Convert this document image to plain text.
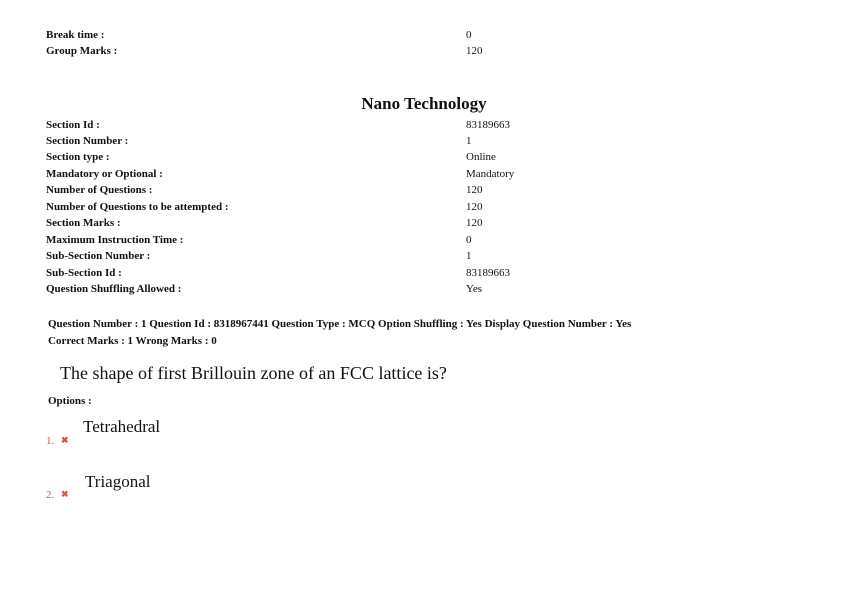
Break time :	0
Group Marks :	120
Nano Technology
Section Id :	83189663
Section Number :	1
Section type :	Online
Mandatory or Optional :	Mandatory
Number of Questions :	120
Number of Questions to be attempted :	120
Section Marks :	120
Maximum Instruction Time :	0
Sub-Section Number :	1
Sub-Section Id :	83189663
Question Shuffling Allowed :	Yes
Question Number : 1 Question Id : 8318967441 Question Type : MCQ Option Shuffling : Yes Display Question Number : Yes
Correct Marks : 1 Wrong Marks : 0
The shape of first Brillouin zone of an FCC lattice is?
Options :
1. ✖
Tetrahedral
2. ✖
Triagonal
